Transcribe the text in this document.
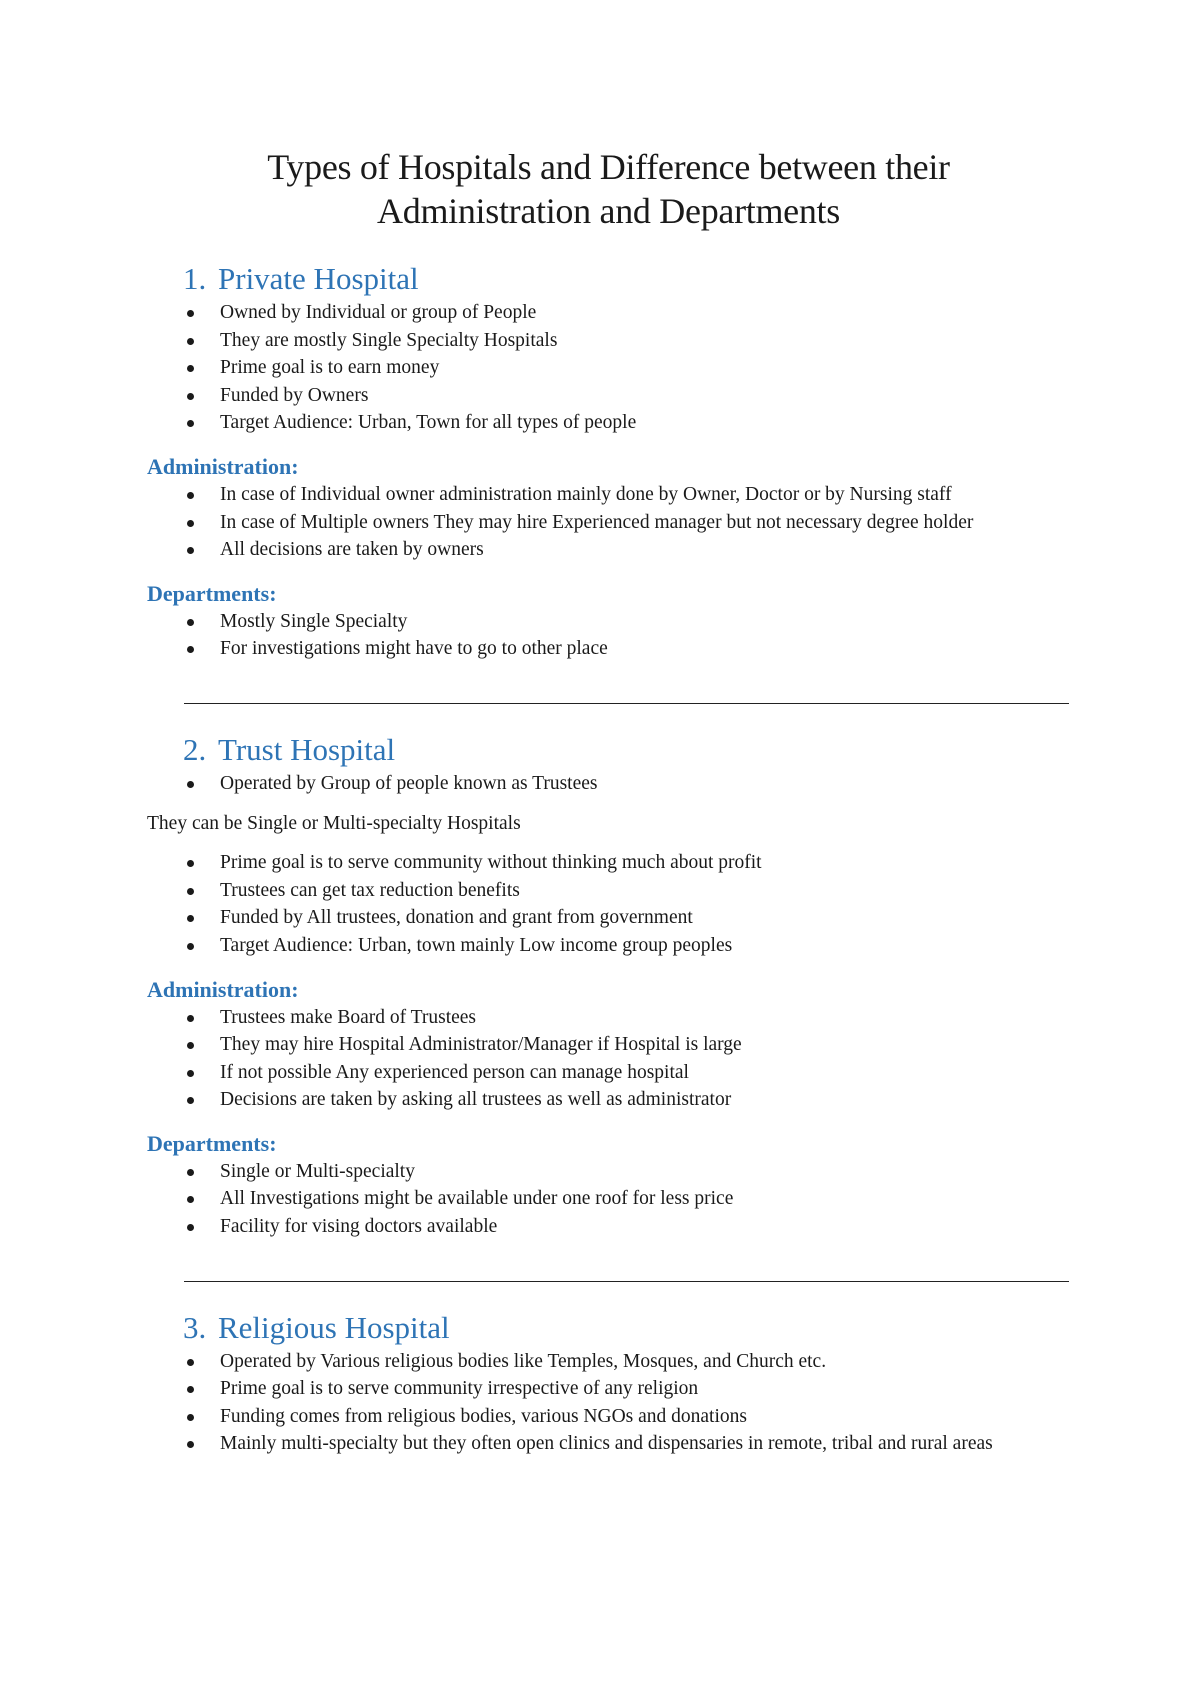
Types of Hospitals and Difference between their
Administration and Departments
1. Private Hospital
Owned by Individual or group of People
They are mostly Single Specialty Hospitals
Prime goal is to earn money
Funded by Owners
Target Audience: Urban, Town for all types of people
Administration:
In case of Individual owner administration mainly done by Owner, Doctor or by Nursing staff
In case of Multiple owners They may hire Experienced manager but not necessary degree holder
All decisions are taken by owners
Departments:
Mostly Single Specialty
For investigations might have to go to other place
2. Trust Hospital
Operated by Group of people known as Trustees

They can be Single or Multi-specialty Hospitals

Prime goal is to serve community without thinking much about profit
Trustees can get tax reduction benefits
Funded by All trustees, donation and grant from government
Target Audience: Urban, town mainly Low income group peoples
Administration:
Trustees make Board of Trustees
They may hire Hospital Administrator/Manager if Hospital is large
If not possible Any experienced person can manage hospital
Decisions are taken by asking all trustees as well as administrator
Departments:
Single or Multi-specialty
All Investigations might be available under one roof for less price
Facility for vising doctors available
3. Religious Hospital
Operated by Various religious bodies like Temples, Mosques, and Church etc.
Prime goal is to serve community irrespective of any religion
Funding comes from religious bodies, various NGOs and donations
Mainly multi-specialty but they often open clinics and dispensaries in remote, tribal and rural areas
